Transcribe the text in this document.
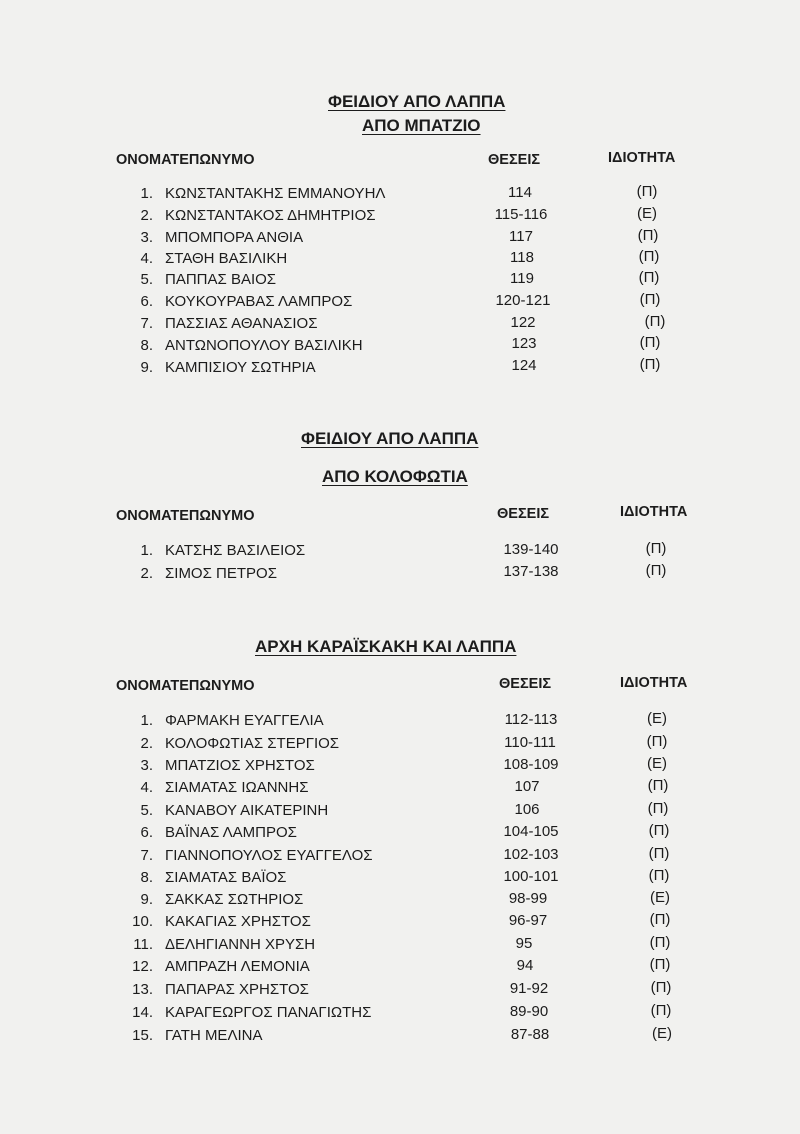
ΦΕΙΔΙΟΥ ΑΠΟ ΛΑΠΠΑ
ΑΠΟ ΜΠΑΤΖΙΟ
ΟΝΟΜΑΤΕΠΩΝΥΜΟ	ΘΕΣΕΙΣ	ΙΔΙΟΤΗΤΑ
1. ΚΩΝΣΤΑΝΤΑΚΗΣ ΕΜΜΑΝΟΥΗΛ	114	(Π)
2. ΚΩΝΣΤΑΝΤΑΚΟΣ ΔΗΜΗΤΡΙΟΣ	115-116	(Ε)
3. ΜΠΟΜΠΟΡΑ ΑΝΘΙΑ	117	(Π)
4. ΣΤΑΘΗ ΒΑΣΙΛΙΚΗ	118	(Π)
5. ΠΑΠΠΑΣ ΒΑΙΟΣ	119	(Π)
6. ΚΟΥΚΟΥΡΑΒΑΣ ΛΑΜΠΡΟΣ	120-121	(Π)
7. ΠΑΣΣΙΑΣ ΑΘΑΝΑΣΙΟΣ	122	(Π)
8. ΑΝΤΩΝΟΠΟΥΛΟΥ ΒΑΣΙΛΙΚΗ	123	(Π)
9. ΚΑΜΠΙΣΙΟΥ ΣΩΤΗΡΙΑ	124	(Π)
ΦΕΙΔΙΟΥ ΑΠΟ ΛΑΠΠΑ
ΑΠΟ ΚΟΛΟΦΩΤΙΑ
ΟΝΟΜΑΤΕΠΩΝΥΜΟ	ΘΕΣΕΙΣ	ΙΔΙΟΤΗΤΑ
1. ΚΑΤΣΗΣ ΒΑΣΙΛΕΙΟΣ	139-140	(Π)
2. ΣΙΜΟΣ ΠΕΤΡΟΣ	137-138	(Π)
ΑΡΧΗ ΚΑΡΑΪΣΚΑΚΗ ΚΑΙ ΛΑΠΠΑ
ΟΝΟΜΑΤΕΠΩΝΥΜΟ	ΘΕΣΕΙΣ	ΙΔΙΟΤΗΤΑ
1. ΦΑΡΜΑΚΗ ΕΥΑΓΓΕΛΙΑ	112-113	(Ε)
2. ΚΟΛΟΦΩΤΙΑΣ ΣΤΕΡΓΙΟΣ	110-111	(Π)
3. ΜΠΑΤΖΙΟΣ ΧΡΗΣΤΟΣ	108-109	(Ε)
4. ΣΙΑΜΑΤΑΣ ΙΩΑΝΝΗΣ	107	(Π)
5. ΚΑΝΑΒΟΥ ΑΙΚΑΤΕΡΙΝΗ	106	(Π)
6. ΒΑΪΝΑΣ ΛΑΜΠΡΟΣ	104-105	(Π)
7. ΓΙΑΝΝΟΠΟΥΛΟΣ ΕΥΑΓΓΕΛΟΣ	102-103	(Π)
8. ΣΙΑΜΑΤΑΣ ΒΑΪΟΣ	100-101	(Π)
9. ΣΑΚΚΑΣ ΣΩΤΗΡΙΟΣ	98-99	(Ε)
10. ΚΑΚΑΓΙΑΣ ΧΡΗΣΤΟΣ	96-97	(Π)
11. ΔΕΛΗΓΙΑΝΝΗ ΧΡΥΣΗ	95	(Π)
12. ΑΜΠΡΑΖΗ ΛΕΜΟΝΙΑ	94	(Π)
13. ΠΑΠΑΡΑΣ ΧΡΗΣΤΟΣ	91-92	(Π)
14. ΚΑΡΑΓΕΩΡΓΟΣ ΠΑΝΑΓΙΩΤΗΣ	89-90	(Π)
15. ΓΑΤΗ ΜΕΛΙΝΑ	87-88	(Ε)
